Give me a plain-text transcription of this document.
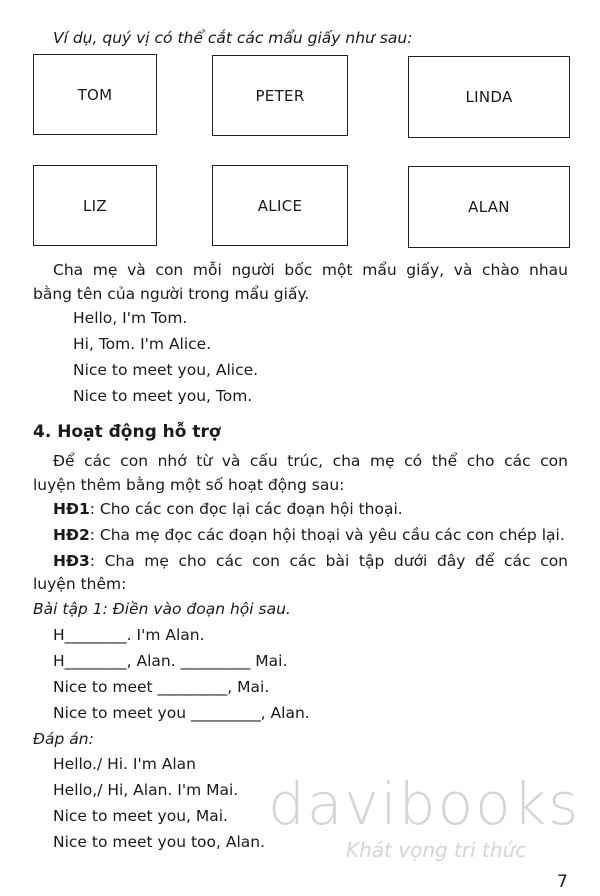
Ví dụ, quý vị có thể cắt các mẩu giấy như sau:
TOM	PETER	LINDA
LIZ	ALICE	ALAN
Cha mẹ và con mỗi người bốc một mẩu giấy, và chào nhau
bằng tên của người trong mẩu giấy.
Hello, I'm Tom.
Hi, Tom. I'm Alice.
Nice to meet you, Alice.
Nice to meet you, Tom.
4. Hoạt động hỗ trợ
Để các con nhớ từ và cấu trúc, cha mẹ có thể cho các con
luyện thêm bằng một số hoạt động sau:
HĐ1: Cho các con đọc lại các đoạn hội thoại.
HĐ2: Cha mẹ đọc các đoạn hội thoại và yêu cầu các con chép lại.
HĐ3: Cha mẹ cho các con các bài tập dưới đây để các con
luyện thêm:
Bài tập 1: Điền vào đoạn hội sau.
H________. I'm Alan.
H________, Alan. _________ Mai.
Nice to meet _________, Mai.
Nice to meet you _________, Alan.
Đáp án:
Hello./ Hi. I'm Alan
Hello,/ Hi, Alan. I'm Mai.
Nice to meet you, Mai.
Nice to meet you too, Alan.
davibooks
Khát vọng tri thức
7
